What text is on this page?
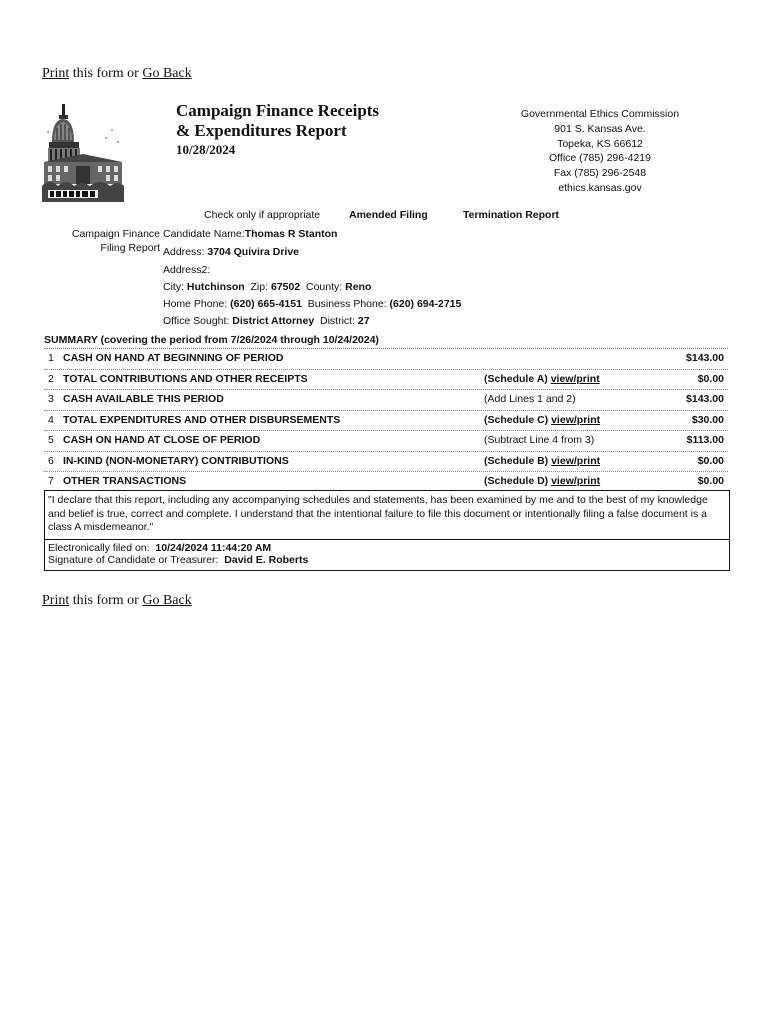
Print this form or Go Back
Campaign Finance Receipts
& Expenditures Report
10/28/2024
Governmental Ethics Commission
901 S. Kansas Ave.
Topeka, KS 66612
Office (785) 296-4219
Fax (785) 296-2548
ethics.kansas.gov
Check only if appropriate	Amended Filing	Termination Report
Campaign Finance
Filing Report
Candidate Name:Thomas R Stanton
Address: 3704 Quivira Drive
Address2:
City: Hutchinson Zip: 67502 County: Reno
Home Phone: (620) 665-4151 Business Phone: (620) 694-2715
Office Sought: District Attorney District: 27
SUMMARY (covering the period from 7/26/2024 through 10/24/2024)
1 CASH ON HAND AT BEGINNING OF PERIOD	$143.00
2 TOTAL CONTRIBUTIONS AND OTHER RECEIPTS	(Schedule A) view/print	$0.00
3 CASH AVAILABLE THIS PERIOD	(Add Lines 1 and 2)	$143.00
4 TOTAL EXPENDITURES AND OTHER DISBURSEMENTS	(Schedule C) view/print	$30.00
5 CASH ON HAND AT CLOSE OF PERIOD	(Subtract Line 4 from 3)	$113.00
6 IN-KIND (NON-MONETARY) CONTRIBUTIONS	(Schedule B) view/print	$0.00
7 OTHER TRANSACTIONS	(Schedule D) view/print	$0.00
"I declare that this report, including any accompanying schedules and statements, has been examined by me and to the best of my knowledge and belief is true, correct and complete. I understand that the intentional failure to file this document or intentionally filing a false document is a class A misdemeanor."
Electronically filed on: 10/24/2024 11:44:20 AM
Signature of Candidate or Treasurer: David E. Roberts
Print this form or Go Back
